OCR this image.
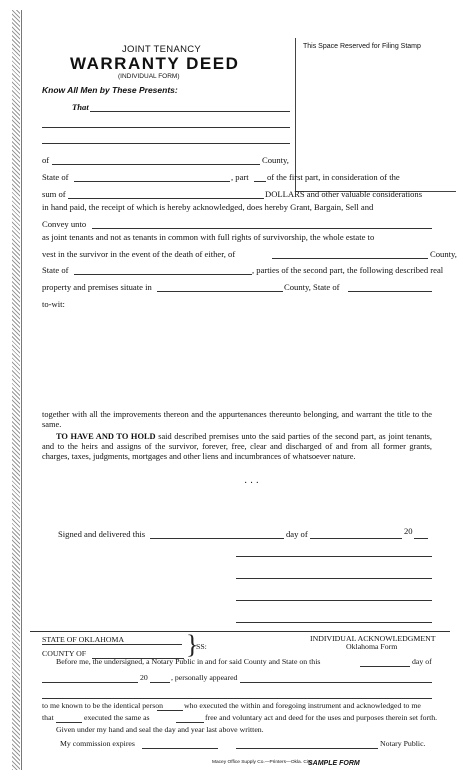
JOINT TENANCY
WARRANTY DEED
(INDIVIDUAL FORM)
This Space Reserved for Filing Stamp
Know All Men by These Presents:
That
of	County,
State of	, part of the first part, in consideration of the
sum of	DOLLARS and other valuable considerations
in hand paid, the receipt of which is hereby acknowledged, does hereby Grant, Bargain, Sell and
Convey unto
as joint tenants and not as tenants in common with full rights of survivorship, the whole estate to
vest in the survivor in the event of the death of either, of	County,
State of	, parties of the second part, the following described real
property and premises situate in	County, State of
to-wit:
together with all the improvements thereon and the appurtenances thereunto belonging, and warrant the title to the same.
TO HAVE AND TO HOLD said described premises unto the said parties of the second part, as joint tenants, and to the heirs and assigns of the survivor, forever, free, clear and discharged of and from all former grants, charges, taxes, judgments, mortgages and other liens and incumbrances of whatsoever nature.
· · ·
Signed and delivered this	day of	20
STATE OF OKLAHOMA
COUNTY OF	}
SS:
INDIVIDUAL ACKNOWLEDGMENT
Oklahoma Form
Before me, the undersigned, a Notary Public in and for said County and State on this	day of
20	, personally appeared
to me known to be the identical person	who executed the within and foregoing instrument and acknowledged to me
that	executed the same as	free and voluntary act and deed for the uses and purposes therein set forth.
Given under my hand and seal the day and year last above written.
My commission expires	Notary Public.
Macey Office Supply Co.—Printers—Okla. City
SAMPLE FORM
